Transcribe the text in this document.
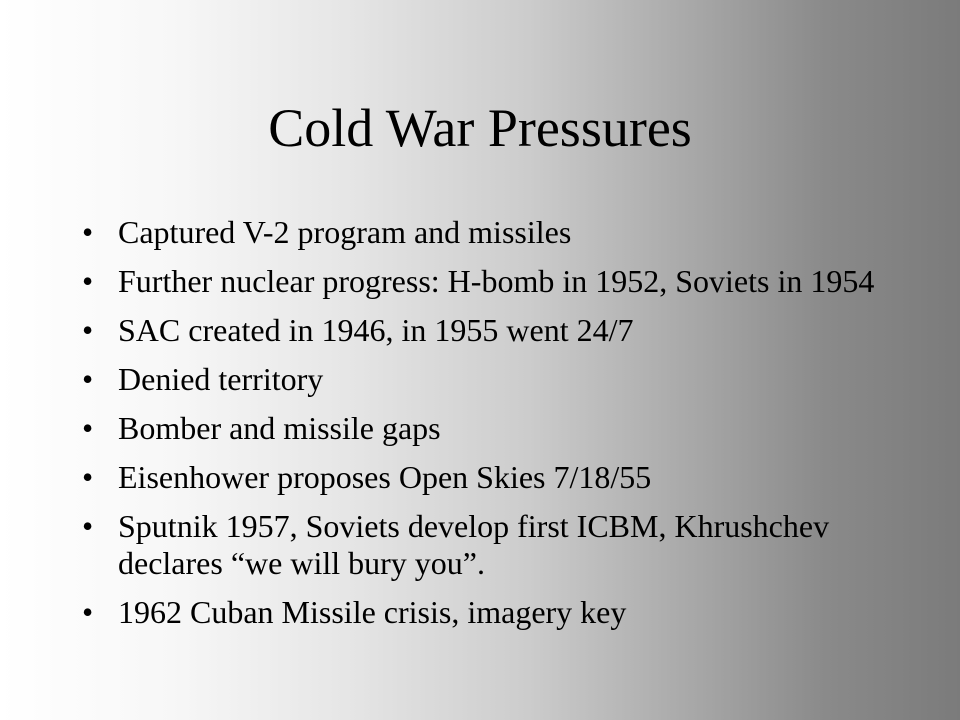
Cold War Pressures
• Captured V-2 program and missiles
• Further nuclear progress: H-bomb in 1952, Soviets in 1954
• SAC created in 1946, in 1955 went 24/7
• Denied territory
• Bomber and missile gaps
• Eisenhower proposes Open Skies 7/18/55
• Sputnik 1957, Soviets develop first ICBM, Khrushchev declares “we will bury you”.
• 1962 Cuban Missile crisis, imagery key
